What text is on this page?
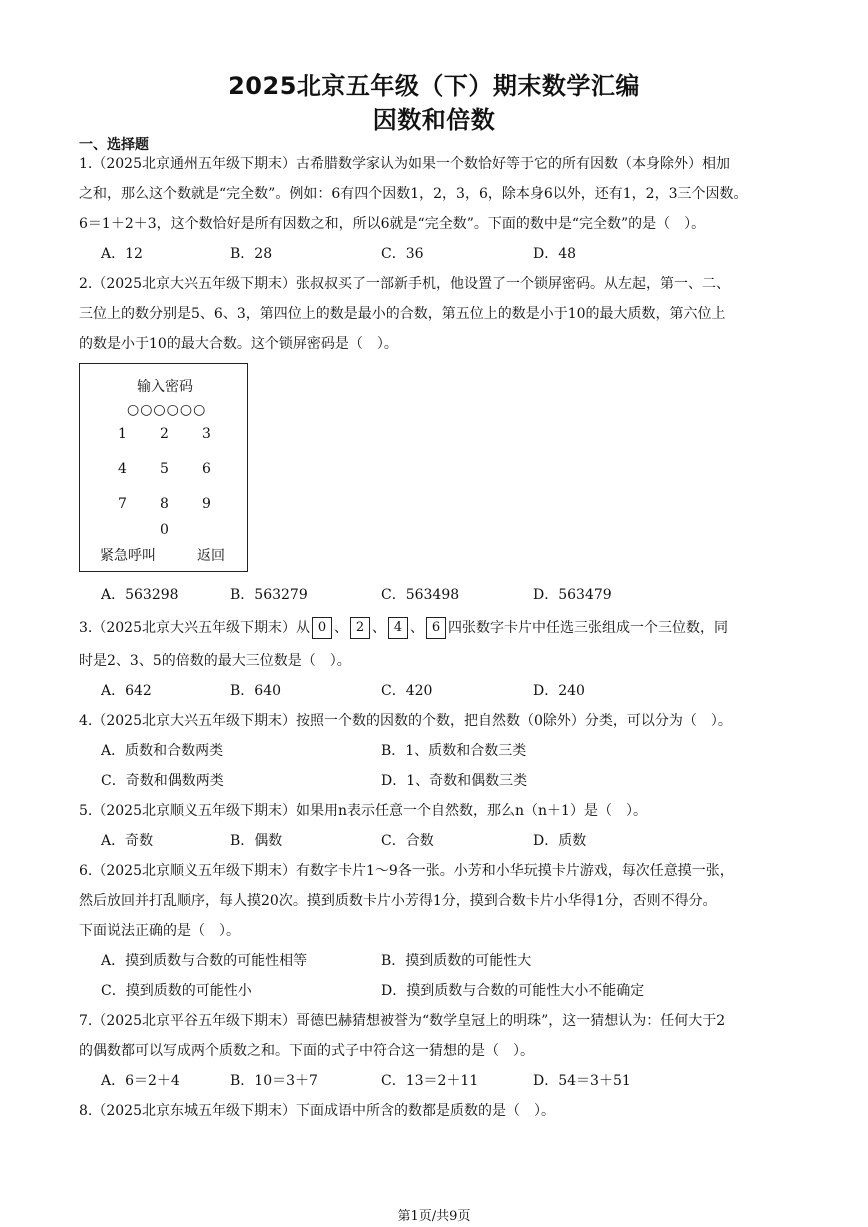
2025北京五年级（下）期末数学汇编
因数和倍数
一、选择题
1.（2025北京通州五年级下期末）古希腊数学家认为如果一个数恰好等于它的所有因数（本身除外）相加
之和，那么这个数就是“完全数”。例如：6有四个因数1，2，3，6，除本身6以外，还有1，2，3三个因数。
6＝1＋2＋3，这个数恰好是所有因数之和，所以6就是“完全数”。下面的数中是“完全数”的是（　）。
A．12	B．28	C．36	D．48
2.（2025北京大兴五年级下期末）张叔叔买了一部新手机，他设置了一个锁屏密码。从左起，第一、二、
三位上的数分别是5、6、3，第四位上的数是最小的合数，第五位上的数是小于10的最大质数，第六位上
的数是小于10的最大合数。这个锁屏密码是（　）。
输入密码
○○○○○○
1 2 3
4 5 6
7 8 9
0
紧急呼叫	返回
A．563298	B．563279	C．563498	D．563479
3.（2025北京大兴五年级下期末）从 0 、 2 、 4 、 6 四张数字卡片中任选三张组成一个三位数，同
时是2、3、5的倍数的最大三位数是（　）。
A．642	B．640	C．420	D．240
4.（2025北京大兴五年级下期末）按照一个数的因数的个数，把自然数（0除外）分类，可以分为（　）。
A．质数和合数两类	B．1、质数和合数三类
C．奇数和偶数两类	D．1、奇数和偶数三类
5.（2025北京顺义五年级下期末）如果用n表示任意一个自然数，那么n（n＋1）是（　）。
A．奇数	B．偶数	C．合数	D．质数
6.（2025北京顺义五年级下期末）有数字卡片1～9各一张。小芳和小华玩摸卡片游戏，每次任意摸一张，
然后放回并打乱顺序，每人摸20次。摸到质数卡片小芳得1分，摸到合数卡片小华得1分，否则不得分。
下面说法正确的是（　）。
A．摸到质数与合数的可能性相等	B．摸到质数的可能性大
C．摸到质数的可能性小	D．摸到质数与合数的可能性大小不能确定
7.（2025北京平谷五年级下期末）哥德巴赫猜想被誉为“数学皇冠上的明珠”，这一猜想认为：任何大于2
的偶数都可以写成两个质数之和。下面的式子中符合这一猜想的是（　）。
A．6＝2＋4	B．10＝3＋7	C．13＝2＋11	D．54＝3＋51
8.（2025北京东城五年级下期末）下面成语中所含的数都是质数的是（　）。
第1页/共9页
